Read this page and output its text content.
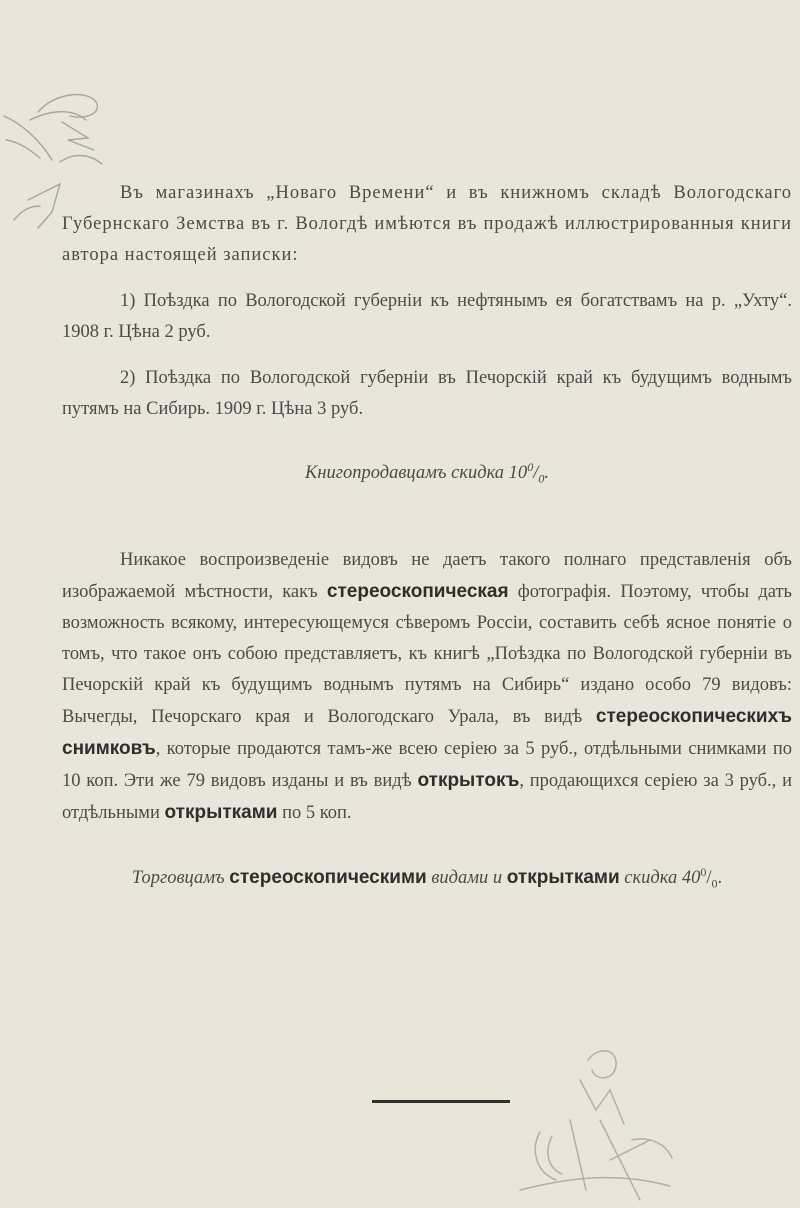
Въ магазинахъ „Новаго Времени“ и въ книжномъ складѣ Вологодскаго Губернскаго Земства въ г. Вологдѣ имѣются въ продажѣ иллюстрированныя книги автора настоящей записки:

1) Поѣздка по Вологодской губерніи къ нефтянымъ ея богатствамъ на р. „Ухту“. 1908 г. Цѣна 2 руб.

2) Поѣздка по Вологодской губерніи въ Печорскій край къ будущимъ воднымъ путямъ на Сибирь. 1909 г. Цѣна 3 руб.

Книгопродавцамъ скидка $10^0/_0$.

Никакое воспроизведеніе видовъ не даетъ такого полнаго представленія объ изображаемой мѣстности, какъ стереоскопическая фотографія. Поэтому, чтобы дать возможность всякому, интересующемуся сѣверомъ Россіи, составить себѣ ясное понятіе о томъ, что такое онъ собою представляетъ, къ книгѣ „Поѣздка по Вологодской губерніи въ Печорскій край къ будущимъ воднымъ путямъ на Сибирь“ издано особо 79 видовъ: Вычегды, Печорскаго края и Вологодскаго Урала, въ видѣ стереоскопическихъ снимковъ, которые продаются тамъ-же всею серіею за 5 руб., отдѣльными снимками по 10 коп. Эти же 79 видовъ изданы и въ видѣ открытокъ, продающихся серіею за 3 руб., и отдѣльными открытками по 5 коп.

Торговцамъ стереоскопическими видами и открытками скидка $40^0/_0$.
